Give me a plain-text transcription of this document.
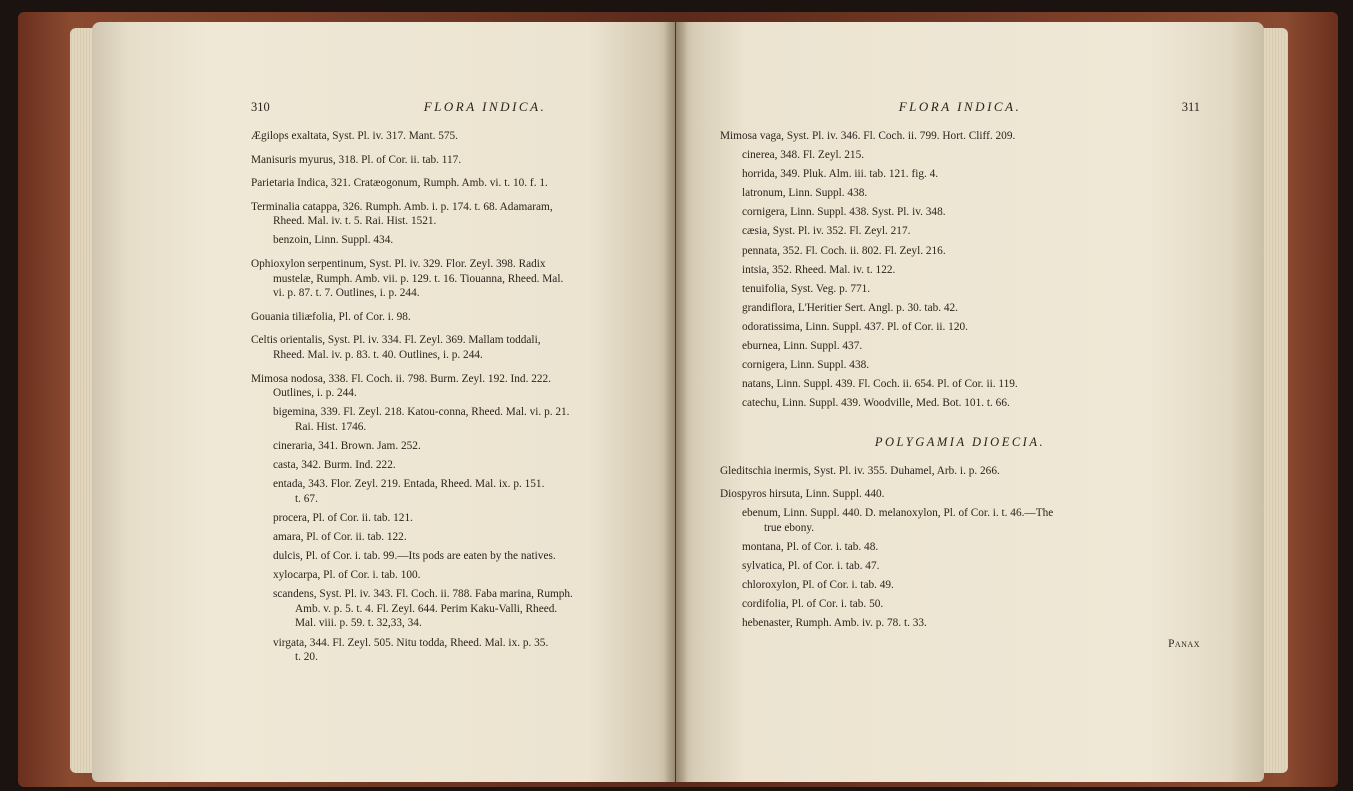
310	FLORA INDICA.
Ægilops exaltata, Syst. Pl. iv. 317. Mant. 575.
Manisuris myurus, 318. Pl. of Cor. ii. tab. 117.
Parietaria Indica, 321. Cratæogonum, Rumph. Amb. vi. t. 10. f. 1.
Terminalia catappa, 326. Rumph. Amb. i. p. 174. t. 68. Adamaram,
Rheed. Mal. iv. t. 5. Rai. Hist. 1521.
benzoin, Linn. Suppl. 434.
Ophioxylon serpentinum, Syst. Pl. iv. 329. Flor. Zeyl. 398. Radix
mustelæ, Rumph. Amb. vii. p. 129. t. 16. Tiouanna, Rheed. Mal.
vi. p. 87. t. 7. Outlines, i. p. 244.
Gouania tiliæfolia, Pl. of Cor. i. 98.
Celtis orientalis, Syst. Pl. iv. 334. Fl. Zeyl. 369. Mallam toddali,
Rheed. Mal. iv. p. 83. t. 40. Outlines, i. p. 244.
Mimosa nodosa, 338. Fl. Coch. ii. 798. Burm. Zeyl. 192. Ind. 222.
Outlines, i. p. 244.
bigemina, 339. Fl. Zeyl. 218. Katou-conna, Rheed. Mal. vi. p. 21.
Rai. Hist. 1746.
cineraria, 341. Brown. Jam. 252.
casta, 342. Burm. Ind. 222.
entada, 343. Flor. Zeyl. 219. Entada, Rheed. Mal. ix. p. 151.
t. 67.
procera, Pl. of Cor. ii. tab. 121.
amara, Pl. of Cor. ii. tab. 122.
dulcis, Pl. of Cor. i. tab. 99.—Its pods are eaten by the natives.
xylocarpa, Pl. of Cor. i. tab. 100.
scandens, Syst. Pl. iv. 343. Fl. Coch. ii. 788. Faba marina, Rumph.
Amb. v. p. 5. t. 4. Fl. Zeyl. 644. Perim Kaku-Valli, Rheed.
Mal. viii. p. 59. t. 32,33, 34.
virgata, 344. Fl. Zeyl. 505. Nitu todda, Rheed. Mal. ix. p. 35.
t. 20.
FLORA INDICA.	311
Mimosa vaga, Syst. Pl. iv. 346. Fl. Coch. ii. 799. Hort. Cliff. 209.
cinerea, 348. Fl. Zeyl. 215.
horrida, 349. Pluk. Alm. iii. tab. 121. fig. 4.
latronum, Linn. Suppl. 438.
cornigera, Linn. Suppl. 438. Syst. Pl. iv. 348.
cæsia, Syst. Pl. iv. 352. Fl. Zeyl. 217.
pennata, 352. Fl. Coch. ii. 802. Fl. Zeyl. 216.
intsia, 352. Rheed. Mal. iv. t. 122.
tenuifolia, Syst. Veg. p. 771.
grandiflora, L'Heritier Sert. Angl. p. 30. tab. 42.
odoratissima, Linn. Suppl. 437. Pl. of Cor. ii. 120.
eburnea, Linn. Suppl. 437.
cornigera, Linn. Suppl. 438.
natans, Linn. Suppl. 439. Fl. Coch. ii. 654. Pl. of Cor. ii. 119.
catechu, Linn. Suppl. 439. Woodville, Med. Bot. 101. t. 66.
POLYGAMIA DIOECIA.
Gleditschia inermis, Syst. Pl. iv. 355. Duhamel, Arb. i. p. 266.
Diospyros hirsuta, Linn. Suppl. 440.
ebenum, Linn. Suppl. 440. D. melanoxylon, Pl. of Cor. i. t. 46.—The
true ebony.
montana, Pl. of Cor. i. tab. 48.
sylvatica, Pl. of Cor. i. tab. 47.
chloroxylon, Pl. of Cor. i. tab. 49.
cordifolia, Pl. of Cor. i. tab. 50.
hebenaster, Rumph. Amb. iv. p. 78. t. 33.
Panax
